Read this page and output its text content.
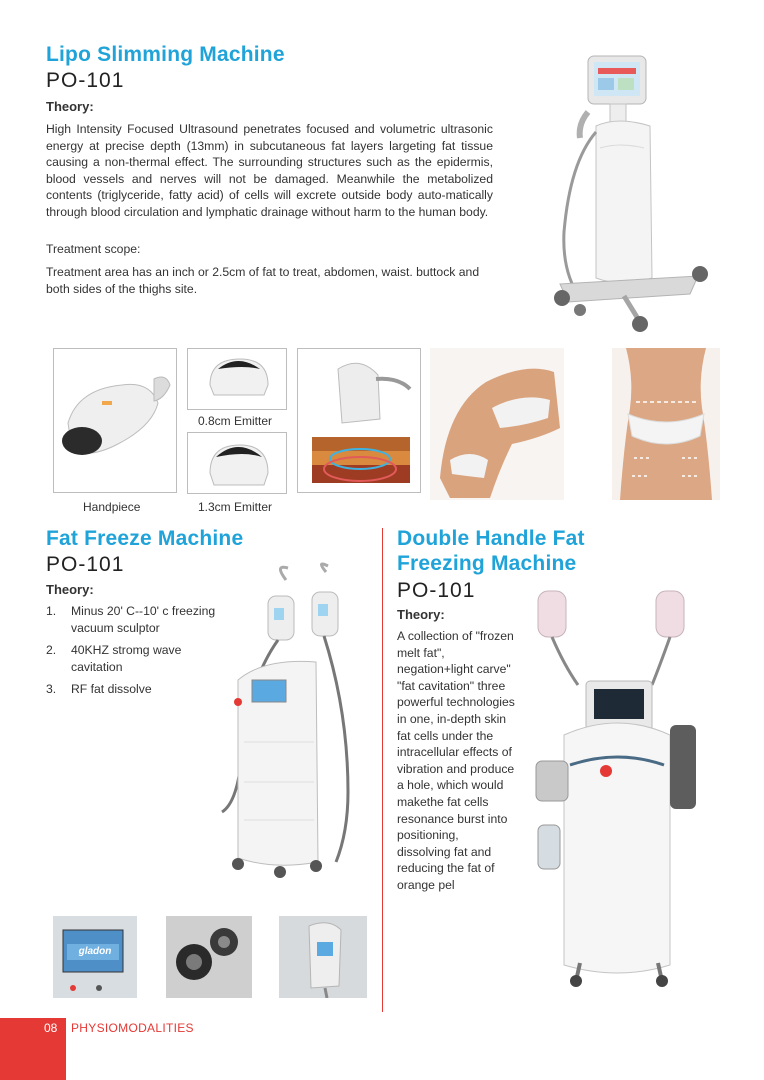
Lipo Slimming Machine
PO-101
Theory:
High Intensity Focused Ultrasound penetrates focused and volumetric ultrasonic energy at precise depth (13mm) in subcutaneous fat layers largeting fat tissue causing a non-thermal effect. The surrounding structures such as the epidermis, blood vessels and nerves will not be damaged. Meanwhile the metabolized contents (triglyceride, fatty acid) of cells will excrete outside body auto-matically through blood circulation and lymphatic drainage without harm to the human body.
Treatment scope:
Treatment area has an inch or 2.5cm of fat to treat, abdomen, waist. buttock and both sides of the thighs site.
Handpiece
0.8cm Emitter
1.3cm Emitter
Fat Freeze Machine
PO-101
Theory:
1. Minus 20' C--10' c freezing vacuum sculptor
2. 40KHZ stromg wave cavitation
3. RF fat dissolve
gladon
Double Handle Fat
Freezing Machine
PO-101
Theory:
A collection of "frozen melt fat", negation+light carve" "fat cavitation" three powerful technologies in one, in-depth skin fat cells under the intracellular effects of vibration and produce a hole, which would makethe fat cells resonance burst into positioning, dissolving fat and reducing the fat of orange pel
08 PHYSIOMODALITIES
